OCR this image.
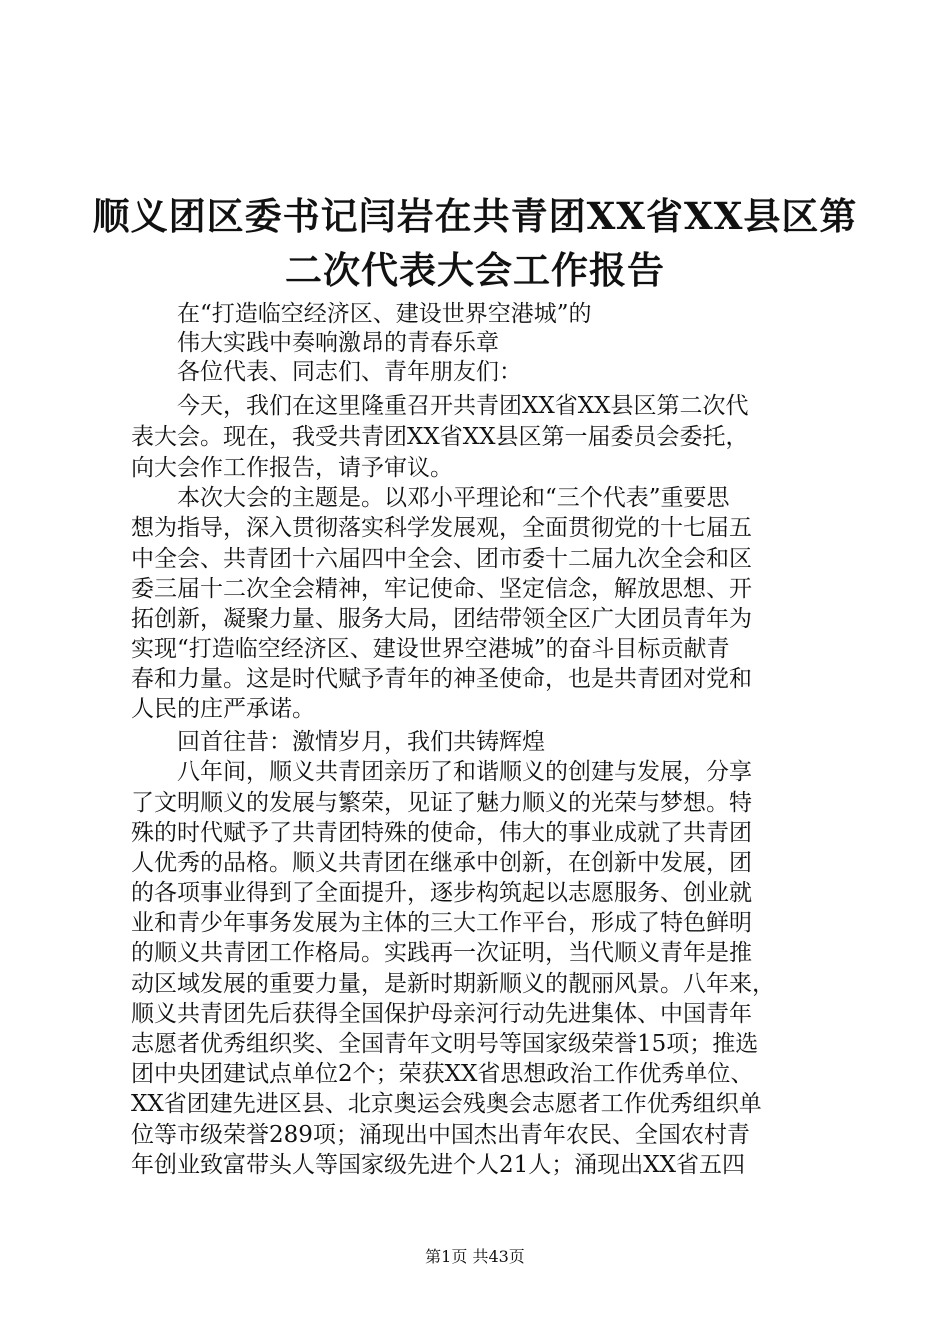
顺义团区委书记闫岩在共青团XX省XX县区第
二次代表大会工作报告
　　在“打造临空经济区、建设世界空港城”的
　　伟大实践中奏响激昂的青春乐章
　　各位代表、同志们、青年朋友们：
　　今天，我们在这里隆重召开共青团XX省XX县区第二次代
表大会。现在，我受共青团XX省XX县区第一届委员会委托，
向大会作工作报告，请予审议。
　　本次大会的主题是。以邓小平理论和“三个代表”重要思
想为指导，深入贯彻落实科学发展观，全面贯彻党的十七届五
中全会、共青团十六届四中全会、团市委十二届九次全会和区
委三届十二次全会精神，牢记使命、坚定信念，解放思想、开
拓创新，凝聚力量、服务大局，团结带领全区广大团员青年为
实现“打造临空经济区、建设世界空港城”的奋斗目标贡献青
春和力量。这是时代赋予青年的神圣使命，也是共青团对党和
人民的庄严承诺。
　　回首往昔：激情岁月，我们共铸辉煌
　　八年间，顺义共青团亲历了和谐顺义的创建与发展，分享
了文明顺义的发展与繁荣，见证了魅力顺义的光荣与梦想。特
殊的时代赋予了共青团特殊的使命，伟大的事业成就了共青团
人优秀的品格。顺义共青团在继承中创新，在创新中发展，团
的各项事业得到了全面提升，逐步构筑起以志愿服务、创业就
业和青少年事务发展为主体的三大工作平台，形成了特色鲜明
的顺义共青团工作格局。实践再一次证明，当代顺义青年是推
动区域发展的重要力量，是新时期新顺义的靓丽风景。八年来，
顺义共青团先后获得全国保护母亲河行动先进集体、中国青年
志愿者优秀组织奖、全国青年文明号等国家级荣誉15项；推选
团中央团建试点单位2个；荣获XX省思想政治工作优秀单位、
XX省团建先进区县、北京奥运会残奥会志愿者工作优秀组织单
位等市级荣誉289项；涌现出中国杰出青年农民、全国农村青
年创业致富带头人等国家级先进个人21人；涌现出XX省五四
第1页 共43页
